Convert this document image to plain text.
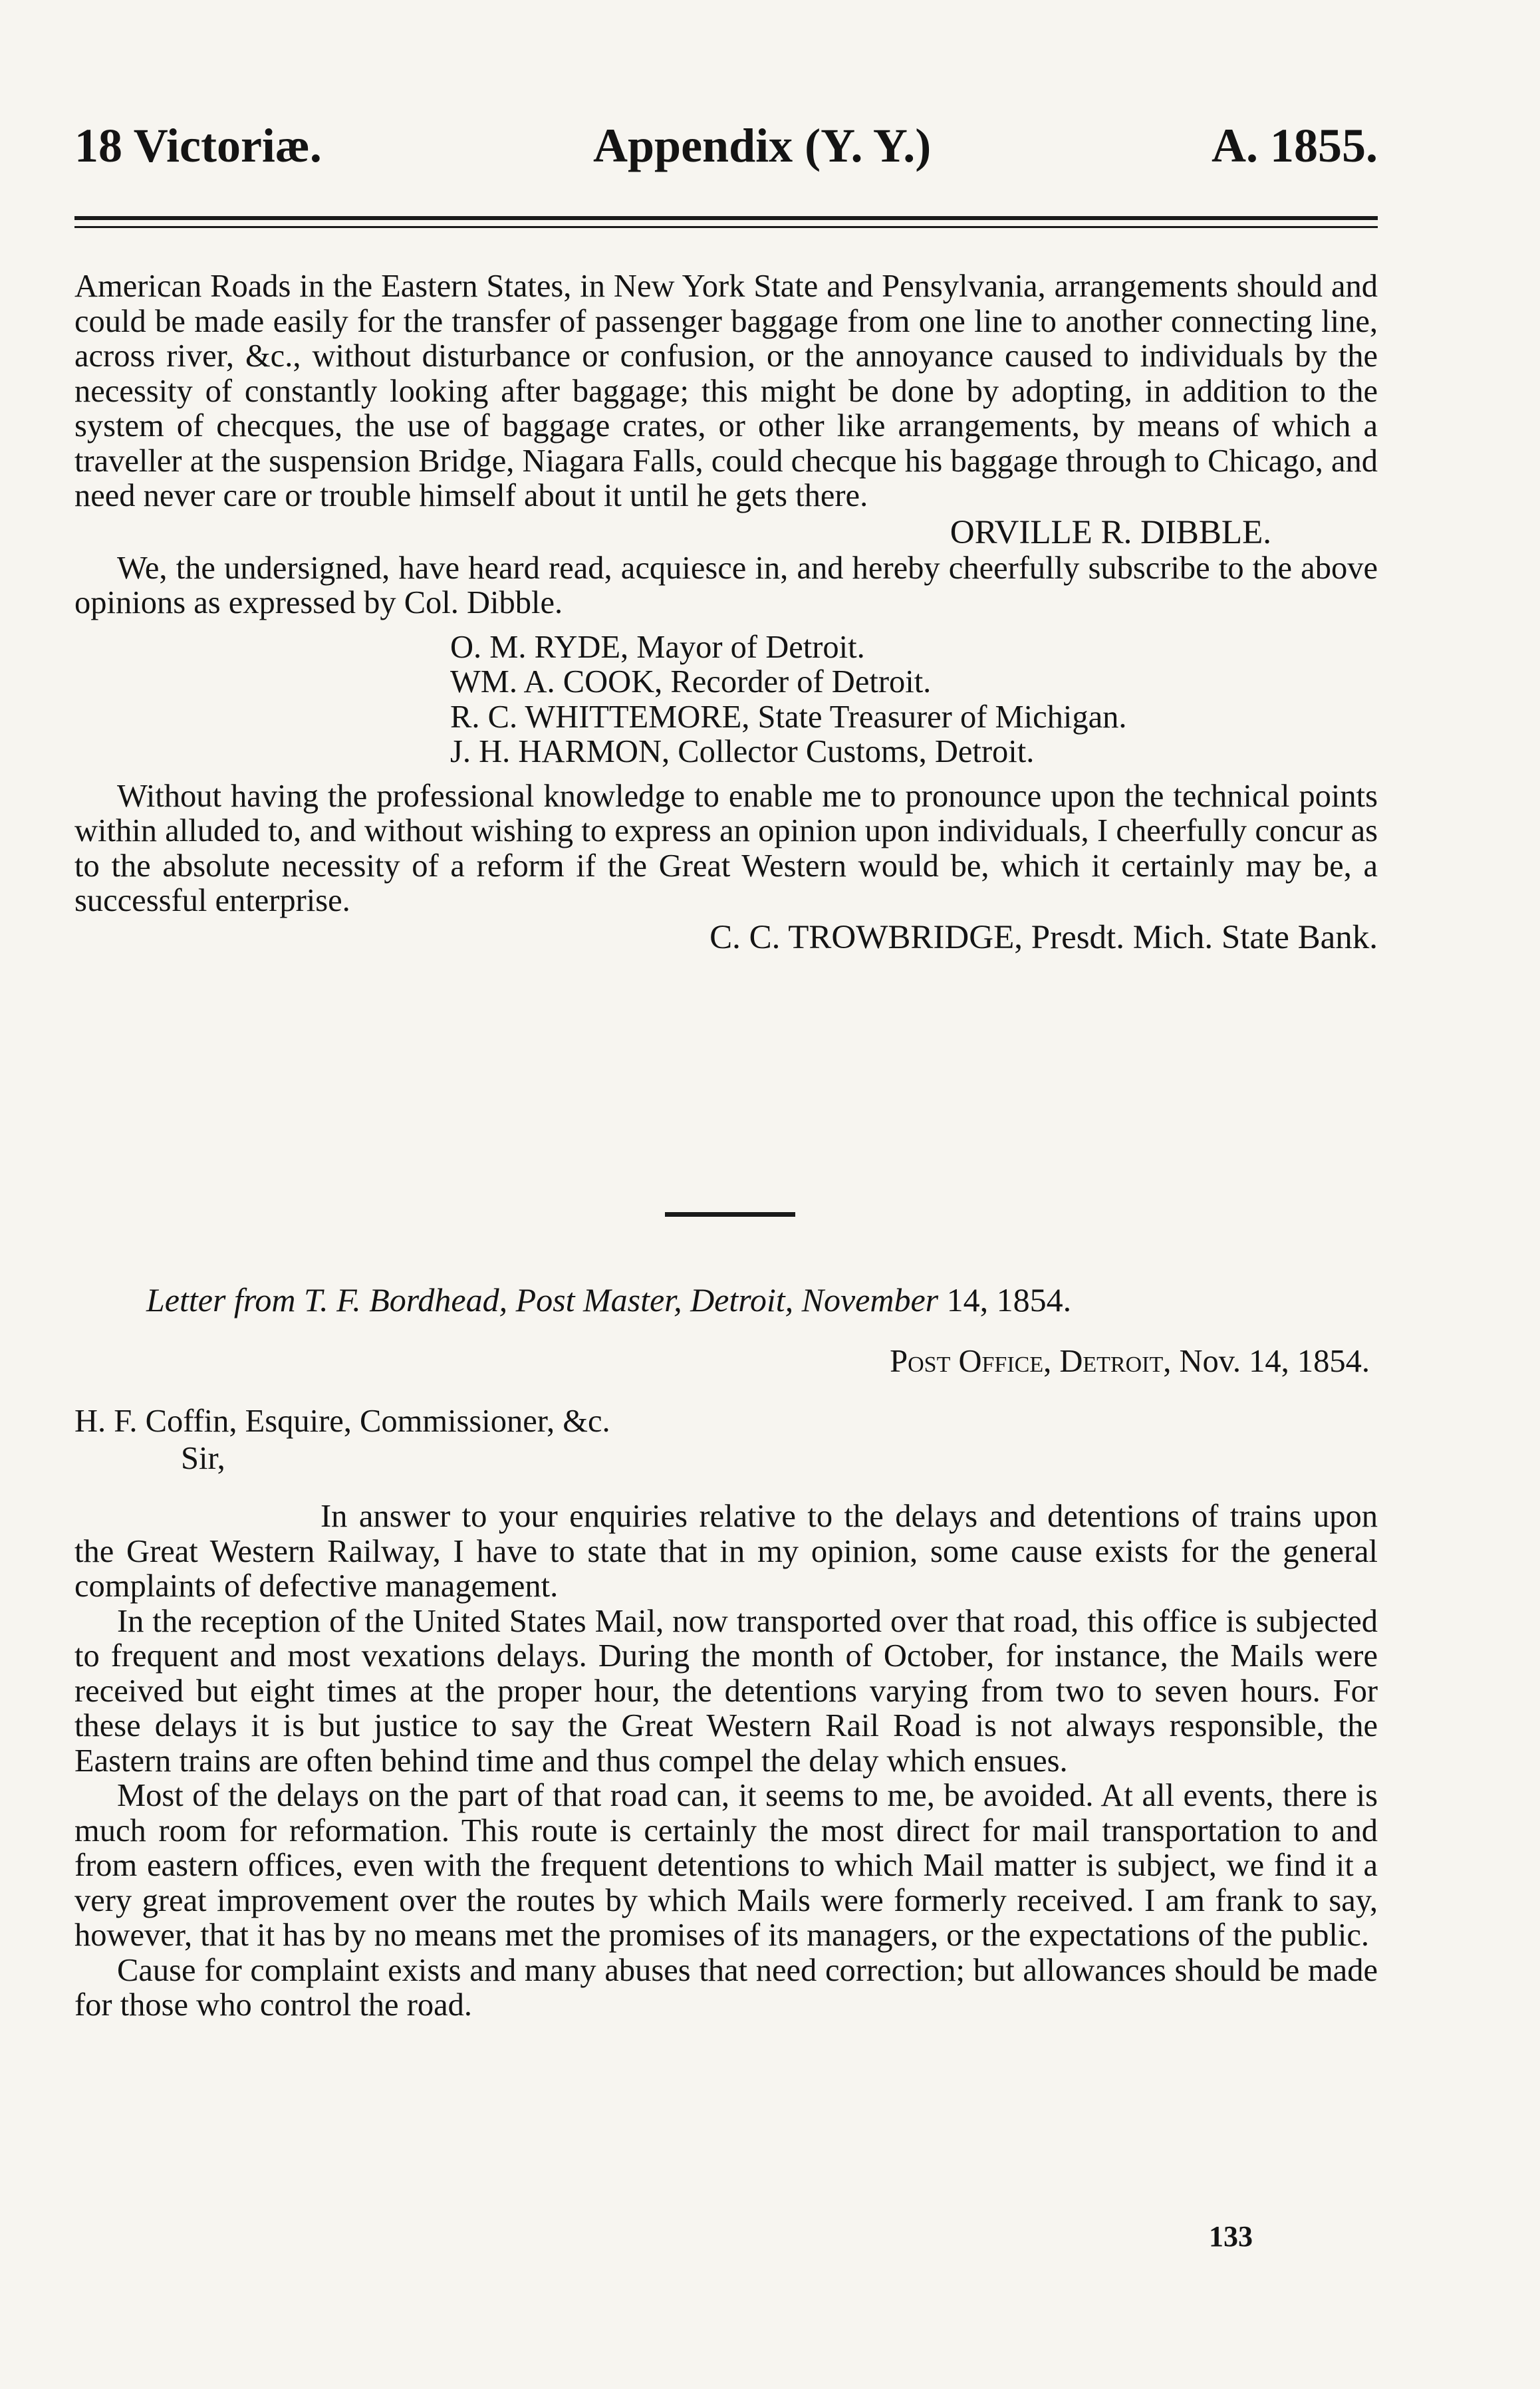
18 Victoriæ.	Appendix (Y. Y.)	A. 1855.

American Roads in the Eastern States, in New York State and Pensylvania, arrangements should and could be made easily for the transfer of passenger baggage from one line to another connecting line, across river, &c., without disturbance or confusion, or the annoyance caused to individuals by the necessity of constantly looking after baggage; this might be done by adopting, in addition to the system of checques, the use of baggage crates, or other like arrangements, by means of which a traveller at the suspension Bridge, Niagara Falls, could checque his baggage through to Chicago, and need never care or trouble himself about it until he gets there.

ORVILLE R. DIBBLE.

We, the undersigned, have heard read, acquiesce in, and hereby cheerfully subscribe to the above opinions as expressed by Col. Dibble.

O. M. RYDE, Mayor of Detroit.
WM. A. COOK, Recorder of Detroit.
R. C. WHITTEMORE, State Treasurer of Michigan.
J. H. HARMON, Collector Customs, Detroit.

Without having the professional knowledge to enable me to pronounce upon the technical points within alluded to, and without wishing to express an opinion upon individuals, I cheerfully concur as to the absolute necessity of a reform if the Great Western would be, which it certainly may be, a successful enterprise.

C. C. TROWBRIDGE, Presdt. Mich. State Bank.

Letter from T. F. Bordhead, Post Master, Detroit, November 14, 1854.
Post Office, Detroit, Nov. 14, 1854.
H. F. Coffin, Esquire, Commissioner, &c.
Sir,

In answer to your enquiries relative to the delays and detentions of trains upon the Great Western Railway, I have to state that in my opinion, some cause exists for the general complaints of defective management.

In the reception of the United States Mail, now transported over that road, this office is subjected to frequent and most vexations delays. During the month of October, for instance, the Mails were received but eight times at the proper hour, the detentions varying from two to seven hours. For these delays it is but justice to say the Great Western Rail Road is not always responsible, the Eastern trains are often behind time and thus compel the delay which ensues.

Most of the delays on the part of that road can, it seems to me, be avoided. At all events, there is much room for reformation. This route is certainly the most direct for mail transportation to and from eastern offices, even with the frequent detentions to which Mail matter is subject, we find it a very great improvement over the routes by which Mails were formerly received. I am frank to say, however, that it has by no means met the promises of its managers, or the expectations of the public.

Cause for complaint exists and many abuses that need correction; but allowances should be made for those who control the road.

133
